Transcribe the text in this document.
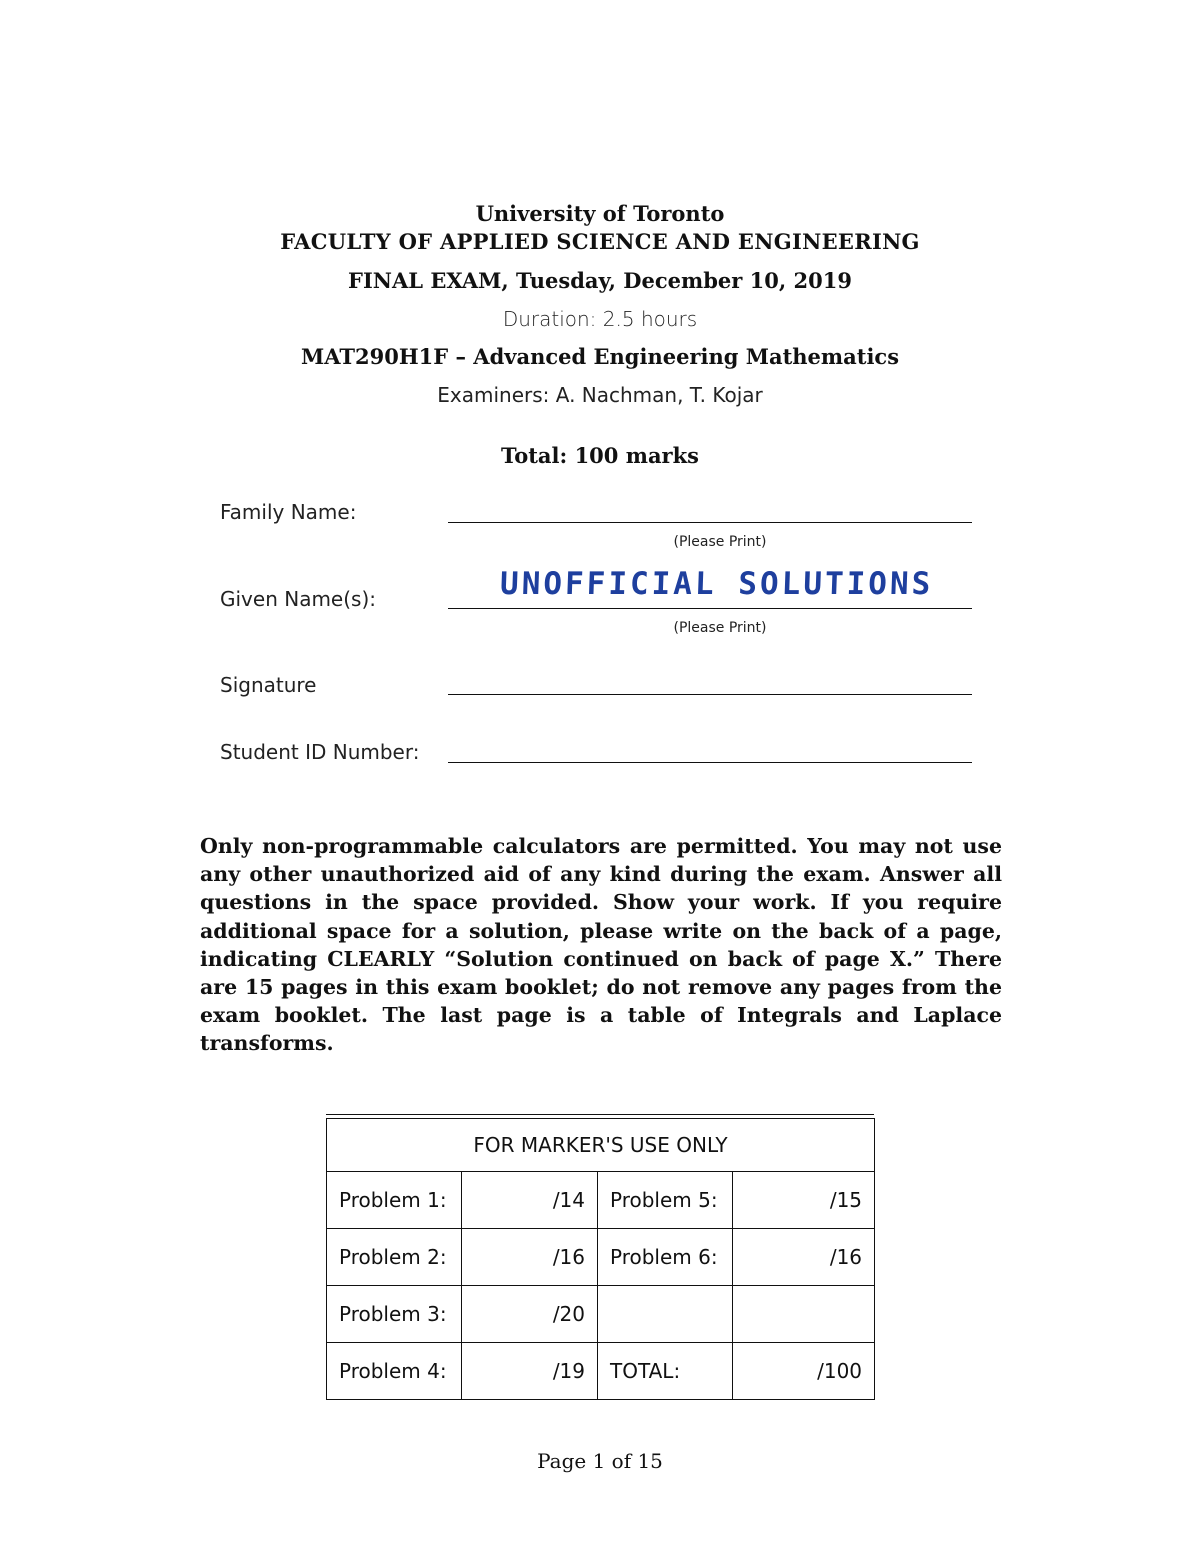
University of Toronto
FACULTY OF APPLIED SCIENCE AND ENGINEERING
FINAL EXAM, Tuesday, December 10, 2019
Duration: 2.5 hours
MAT290H1F – Advanced Engineering Mathematics
Examiners: A. Nachman, T. Kojar
Total: 100 marks
Family Name:
(Please Print)
Given Name(s):	UNOFFICIAL SOLUTIONS
(Please Print)
Signature
Student ID Number:
Only non-programmable calculators are permitted. You may not use any other unauthorized aid of any kind during the exam. Answer all questions in the space provided. Show your work. If you require additional space for a solution, please write on the back of a page, indicating CLEARLY “Solution continued on back of page X.” There are 15 pages in this exam booklet; do not remove any pages from the exam booklet. The last page is a table of Integrals and Laplace transforms.
FOR MARKER'S USE ONLY			
Problem 1:	/14	Problem 5:	/15
Problem 2:	/16	Problem 6:	/16
Problem 3:	/20		
Problem 4:	/19	TOTAL:	/100
Page 1 of 15
